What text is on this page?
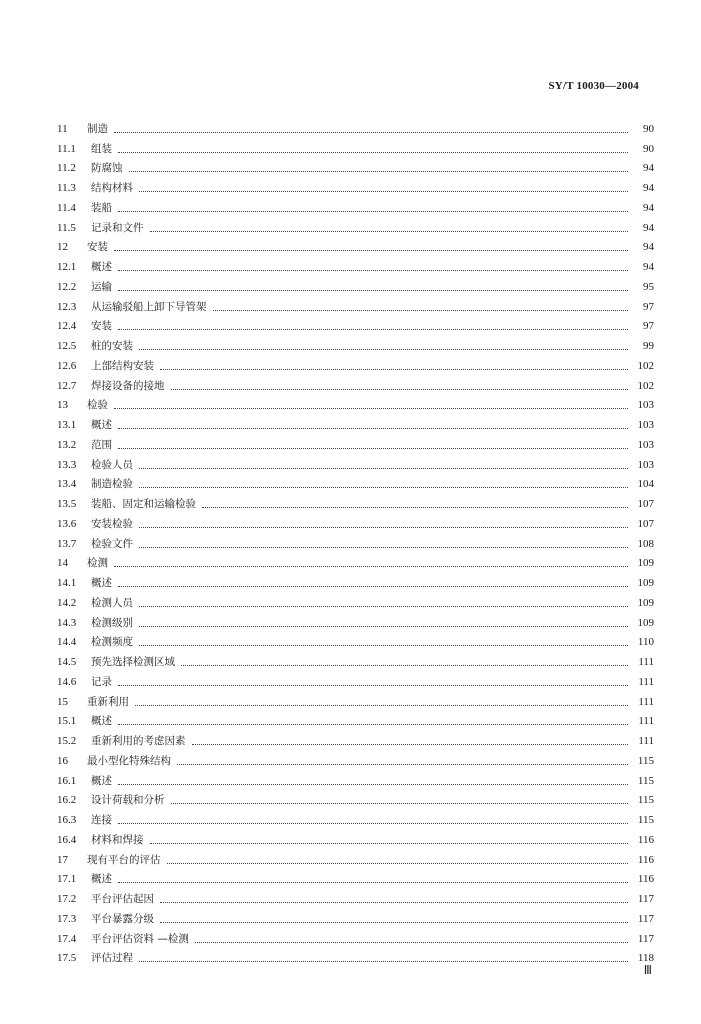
SY/T 10030—2004
11	制造	90
11.1	组装	90
11.2	防腐蚀	94
11.3	结构材料	94
11.4	装船	94
11.5	记录和文件	94
12	安装	94
12.1	概述	94
12.2	运输	95
12.3	从运输驳船上卸下导管架	97
12.4	安装	97
12.5	桩的安装	99
12.6	上部结构安装	102
12.7	焊接设备的接地	102
13	检验	103
13.1	概述	103
13.2	范围	103
13.3	检验人员	103
13.4	制造检验	104
13.5	装船、固定和运输检验	107
13.6	安装检验	107
13.7	检验文件	108
14	检测	109
14.1	概述	109
14.2	检测人员	109
14.3	检测级别	109
14.4	检测频度	110
14.5	预先选择检测区域	111
14.6	记录	111
15	重新利用	111
15.1	概述	111
15.2	重新利用的考虑因素	111
16	最小型化特殊结构	115
16.1	概述	115
16.2	设计荷载和分析	115
16.3	连接	115
16.4	材料和焊接	116
17	现有平台的评估	116
17.1	概述	116
17.2	平台评估起因	117
17.3	平台暴露分级	117
17.4	平台评估资料 —检测	117
17.5	评估过程	118
Ⅲ
